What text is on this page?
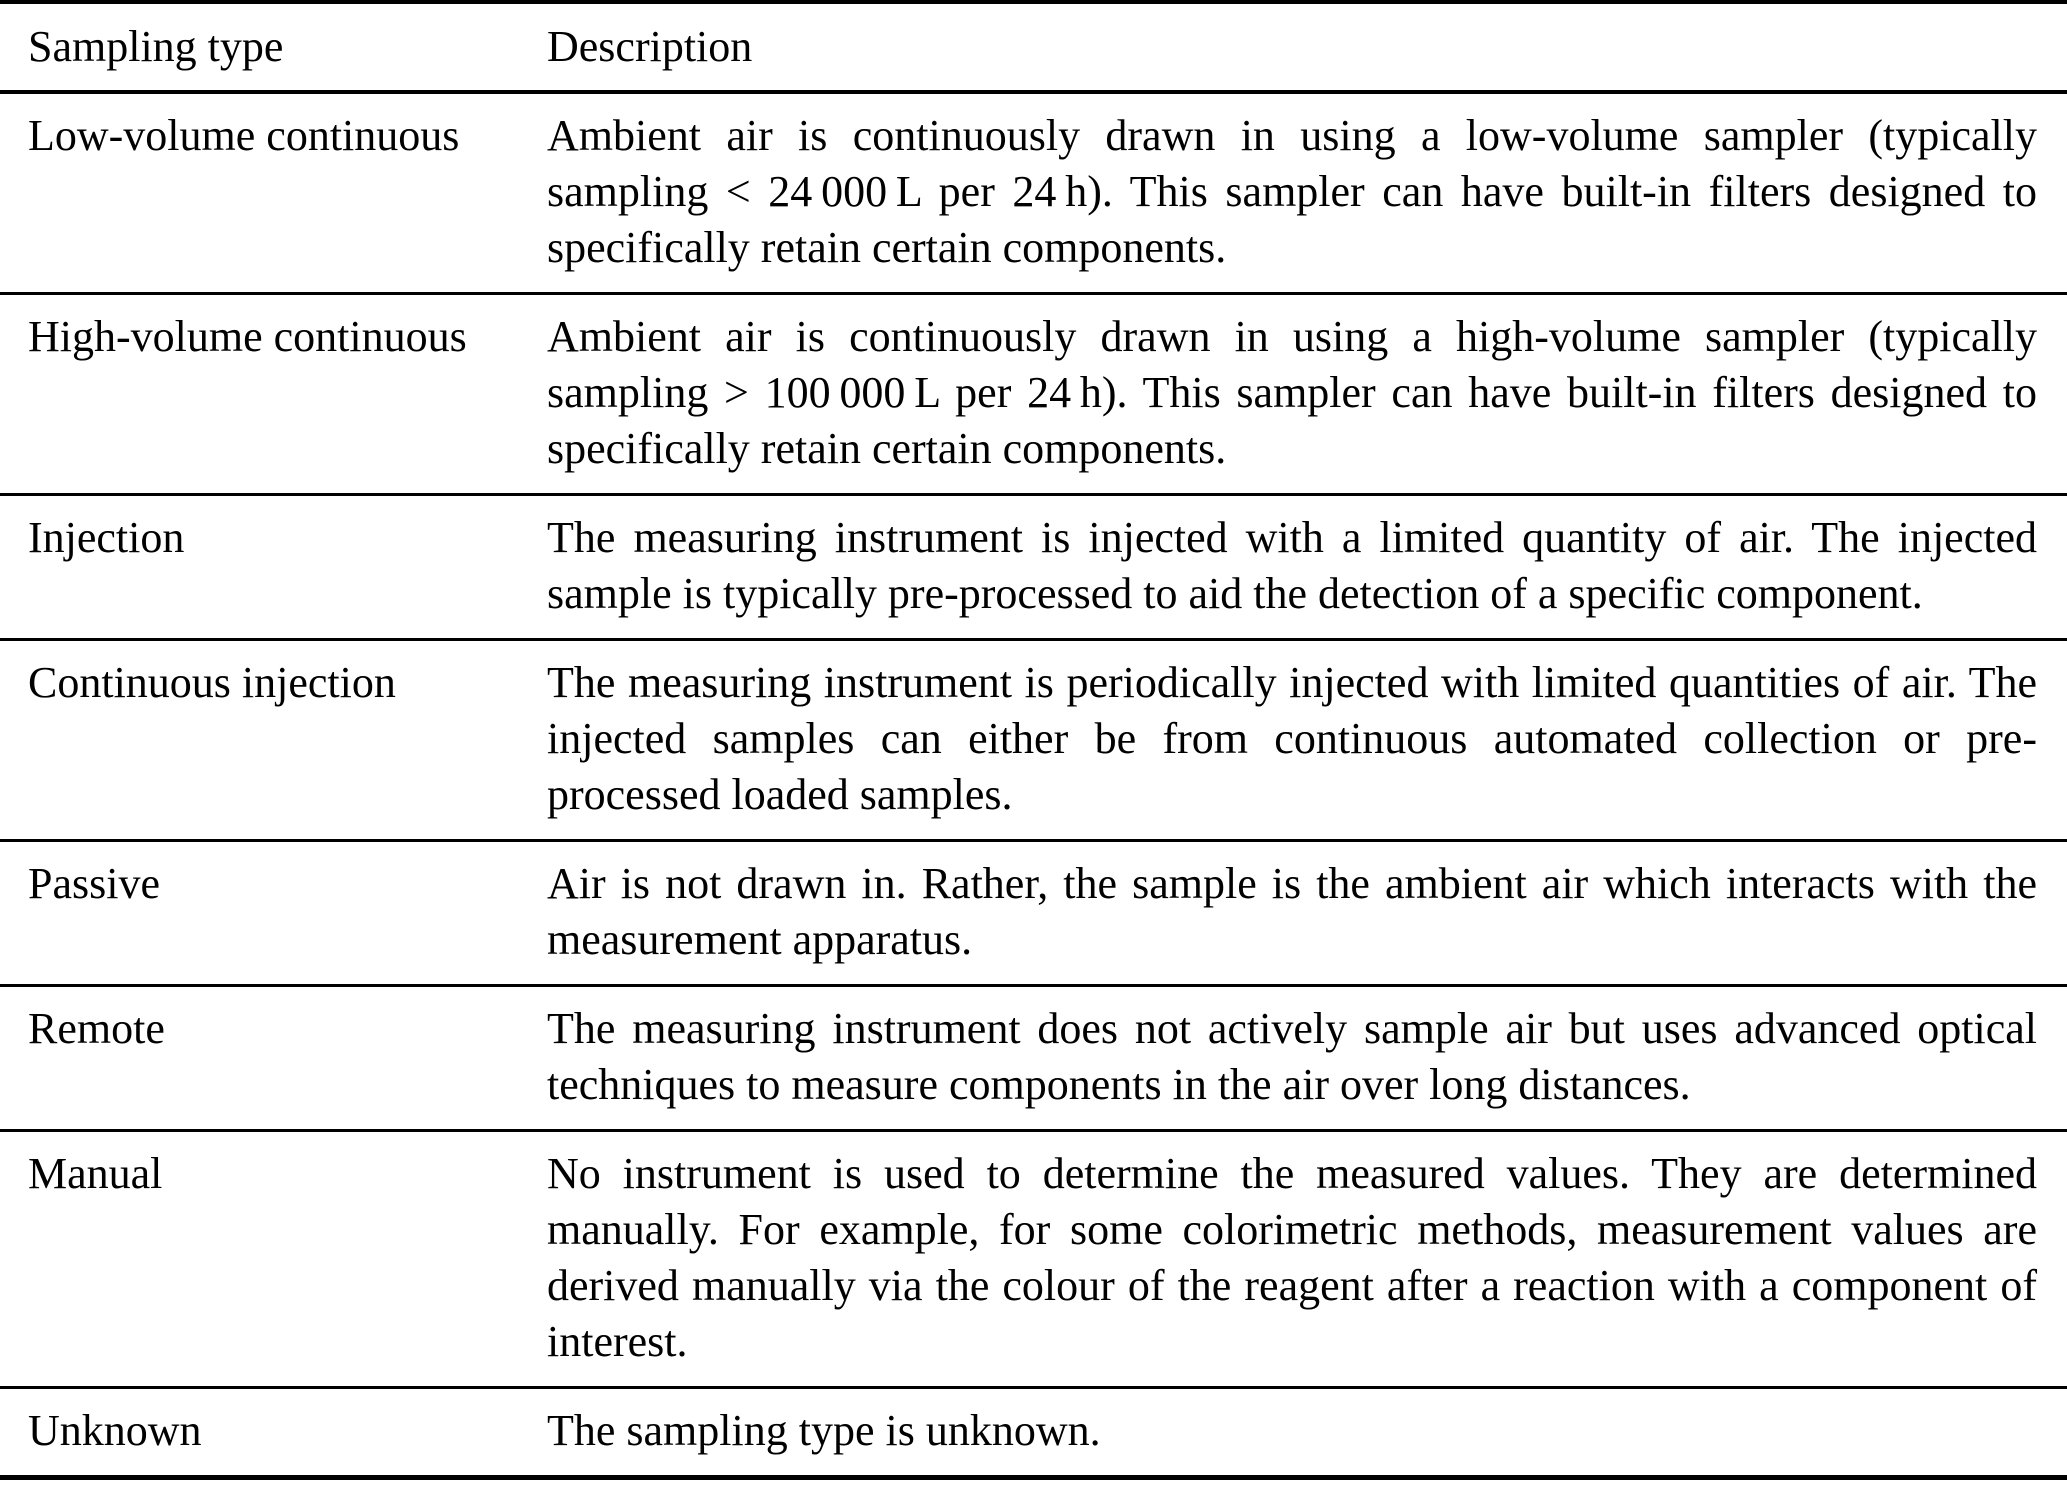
Sampling type	Description
Low-volume continuous	Ambient air is continuously drawn in using a low-volume sampler (typically sampling < 24 000 L per 24 h). This sampler can have built-in filters designed to specifically retain certain components.
High-volume continuous	Ambient air is continuously drawn in using a high-volume sampler (typically sampling > 100 000 L per 24 h). This sampler can have built-in filters designed to specifically retain certain components.
Injection	The measuring instrument is injected with a limited quantity of air. The injected sample is typically pre-processed to aid the detection of a specific component.
Continuous injection	The measuring instrument is periodically injected with limited quantities of air. The injected samples can either be from continuous automated collection or pre-processed loaded samples.
Passive	Air is not drawn in. Rather, the sample is the ambient air which interacts with the measurement apparatus.
Remote	The measuring instrument does not actively sample air but uses advanced optical techniques to measure components in the air over long distances.
Manual	No instrument is used to determine the measured values. They are determined manually. For example, for some colorimetric methods, measurement values are derived manually via the colour of the reagent after a reaction with a component of interest.
Unknown	The sampling type is unknown.
